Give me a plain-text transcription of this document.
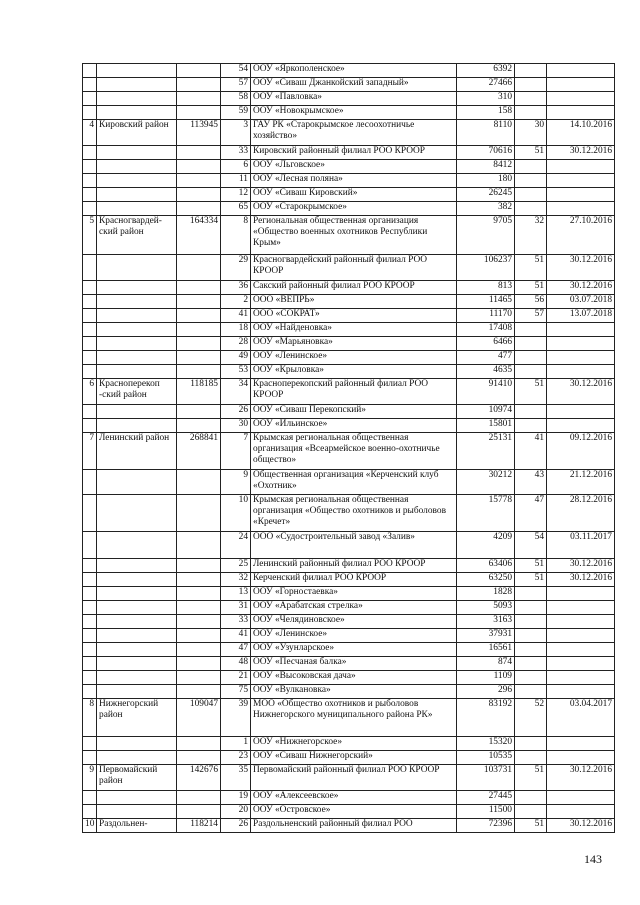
			54	ООУ «Яркополенское»	6392		
			57	ООУ «Сиваш Джанкойский западный»	27466		
			58	ООУ «Павловка»	310		
			59	ООУ «Новокрымское»	158		
4	Кировский район	113945	3	ГАУ РК «Старокрымское лесоохотничье хозяйство»	8110	30	14.10.2016
			33	Кировский районный филиал РОО КРООР	70616	51	30.12.2016
			6	ООУ «Льговское»	8412		
			11	ООУ «Лесная поляна»	180		
			12	ООУ «Сиваш Кировский»	26245		
			65	ООУ «Старокрымское»	382		
5	Красногвардей-ский район	164334	8	Региональная общественная организация «Общество военных охотников Республики Крым»	9705	32	27.10.2016
			29	Красногвардейский районный филиал РОО КРООР	106237	51	30.12.2016
			36	Сакский районный филиал РОО КРООР	813	51	30.12.2016
			2	ООО «ВЕПРЬ»	11465	56	03.07.2018
			41	ООО «СОКРАТ»	11170	57	13.07.2018
			18	ООУ «Найденовка»	17408		
			28	ООУ «Марьяновка»	6466		
			49	ООУ «Ленинское»	477		
			53	ООУ «Крыловка»	4635		
6	Красноперекоп -ский район	118185	34	Красноперекопский районный филиал РОО КРООР	91410	51	30.12.2016
			26	ООУ «Сиваш Перекопский»	10974		
			30	ООУ «Ильинское»	15801		
7	Ленинский район	268841	7	Крымская региональная общественная организация «Всеармейское военно-охотничье общество»	25131	41	09.12.2016
			9	Общественная организация «Керченский клуб «Охотник»	30212	43	21.12.2016
			10	Крымская региональная общественная организация «Общество охотников и рыболовов «Кречет»	15778	47	28.12.2016
			24	ООО «Судостроительный завод «Залив»	4209	54	03.11.2017
			25	Ленинский районный филиал РОО КРООР	63406	51	30.12.2016
			32	Керченский филиал РОО КРООР	63250	51	30.12.2016
			13	ООУ «Горностаевка»	1828		
			31	ООУ «Арабатская стрелка»	5093		
			33	ООУ «Челядиновское»	3163		
			41	ООУ «Ленинское»	37931		
			47	ООУ «Узунларское»	16561		
			48	ООУ «Песчаная балка»	874		
			21	ООУ «Высоковская дача»	1109		
			75	ООУ «Вулкановка»	296		
8	Нижнегорский район	109047	39	МОО «Общество охотников и рыболовов Нижнегорского муниципального района РК»	83192	52	03.04.2017
			1	ООУ «Нижнегорское»	15320		
			23	ООУ «Сиваш Нижнегорский»	10535		
9	Первомайский район	142676	35	Первомайский районный филиал РОО КРООР	103731	51	30.12.2016
			19	ООУ «Алексеевское»	27445		
			20	ООУ «Островское»	11500		
10	Раздольнен-	118214	26	Раздольненский районный филиал РОО	72396	51	30.12.2016
143
